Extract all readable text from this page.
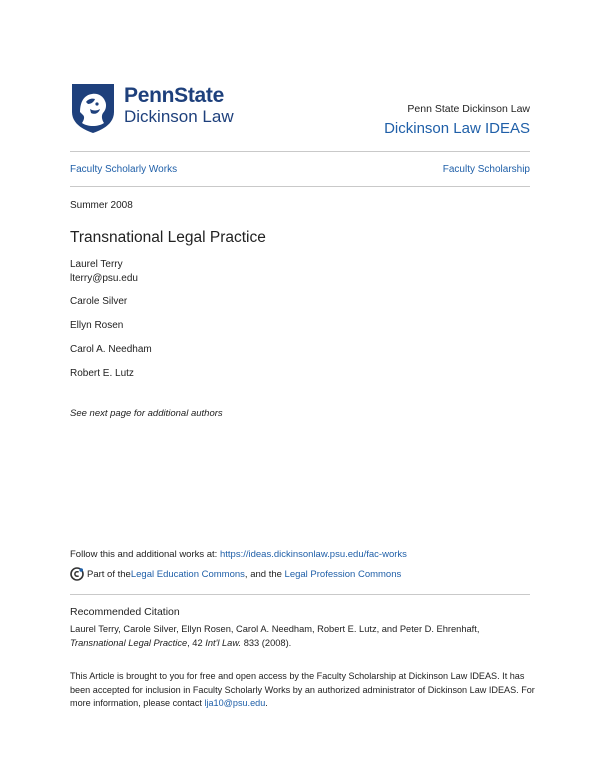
PennState
Dickinson Law	Penn State Dickinson Law
Dickinson Law IDEAS
Faculty Scholarly Works	Faculty Scholarship
Summer 2008
Transnational Legal Practice
Laurel Terry
lterry@psu.edu
Carole Silver
Ellyn Rosen
Carol A. Needham
Robert E. Lutz
See next page for additional authors
Follow this and additional works at: https://ideas.dickinsonlaw.psu.edu/fac-works
Part of the Legal Education Commons , and the Legal Profession Commons
Recommended Citation
Laurel Terry, Carole Silver, Ellyn Rosen, Carol A. Needham, Robert E. Lutz, and Peter D. Ehrenhaft,
Transnational Legal Practice, 42 Int'l Law. 833 (2008).
This Article is brought to you for free and open access by the Faculty Scholarship at Dickinson Law IDEAS. It has been accepted for inclusion in Faculty Scholarly Works by an authorized administrator of Dickinson Law IDEAS. For more information, please contact lja10@psu.edu.
